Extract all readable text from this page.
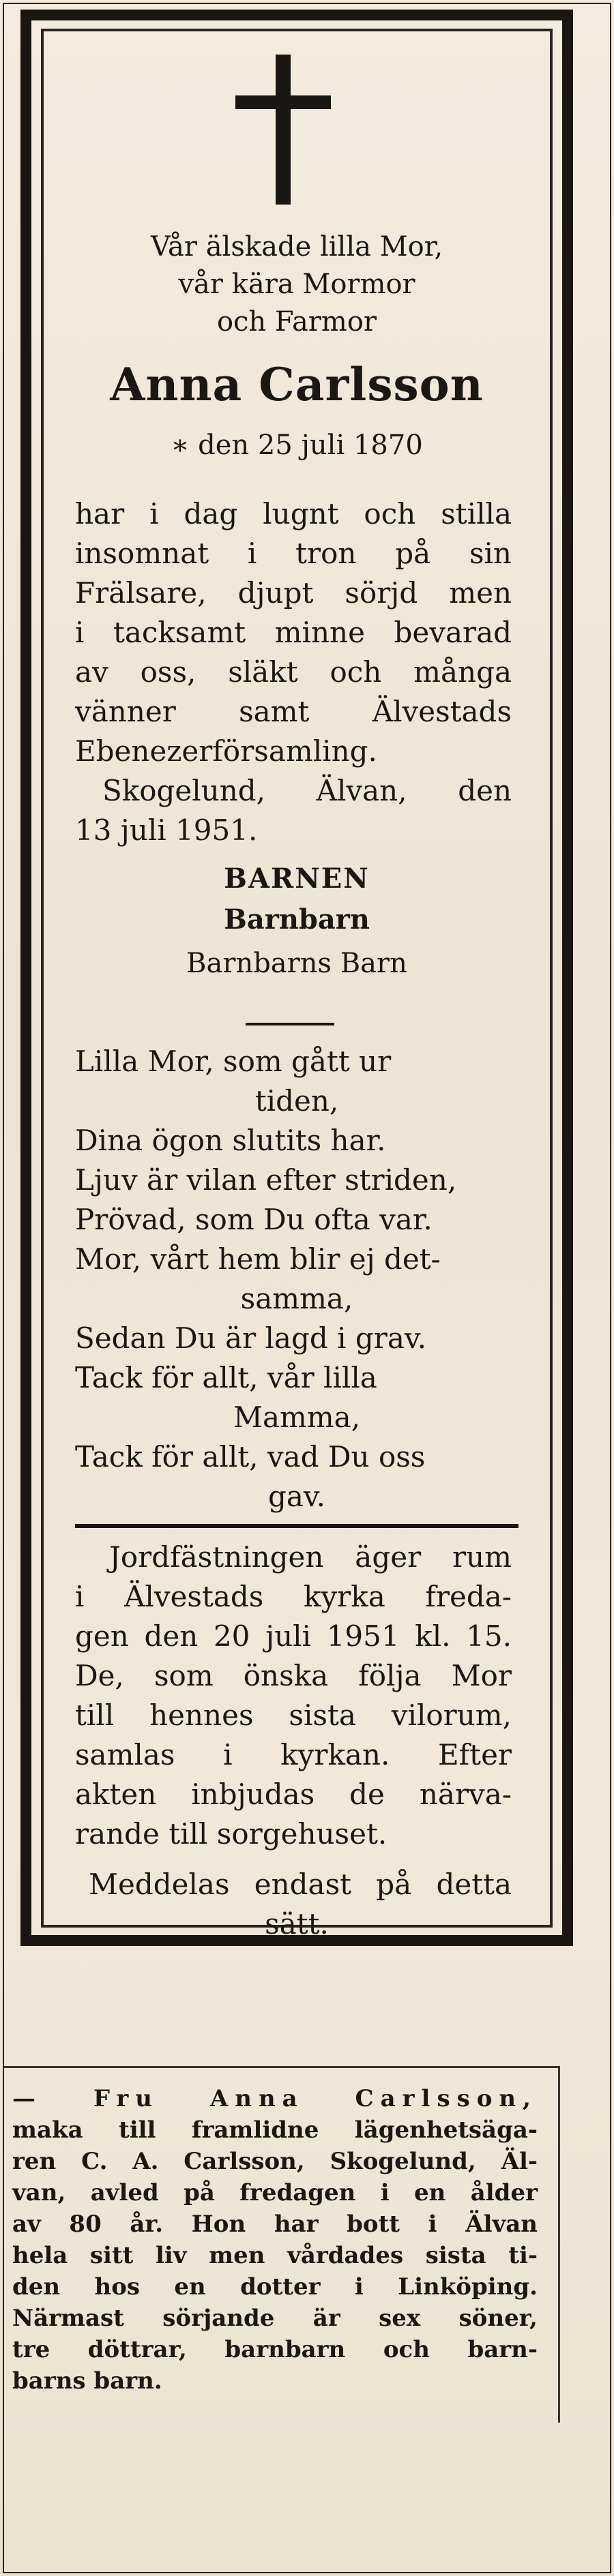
Vår älskade lilla Mor,

vår kära Mormor

och Farmor

Anna Carlsson

∗ den 25 juli 1870

har i dag lugnt och stilla

insomnat i tron på sin

Frälsare, djupt sörjd men

i tacksamt minne bevarad

av oss, släkt och många

vänner samt Älvestads

Ebenezerförsamling.

Skogelund, Älvan, den

13 juli 1951.

BARNEN

Barnbarn

Barnbarns Barn

Lilla Mor, som gått ur

tiden,

Dina ögon slutits har.

Ljuv är vilan efter striden,

Prövad, som Du ofta var.

Mor, vårt hem blir ej det-

samma,

Sedan Du är lagd i grav.

Tack för allt, vår lilla

Mamma,

Tack för allt, vad Du oss

gav.

Jordfästningen äger rum

i Älvestads kyrka freda-

gen den 20 juli 1951 kl. 15.

De, som önska följa Mor

till hennes sista vilorum,

samlas i kyrkan. Efter

akten inbjudas de närva-

rande till sorgehuset.

Meddelas endast på detta

sätt.

— Fru Anna Carlsson,

maka till framlidne lägenhetsäga-

ren C. A. Carlsson, Skogelund, Äl-

van, avled på fredagen i en ålder

av 80 år. Hon har bott i Älvan

hela sitt liv men vårdades sista ti-

den hos en dotter i Linköping.

Närmast sörjande är sex söner,

tre döttrar, barnbarn och barn-

barns barn.
